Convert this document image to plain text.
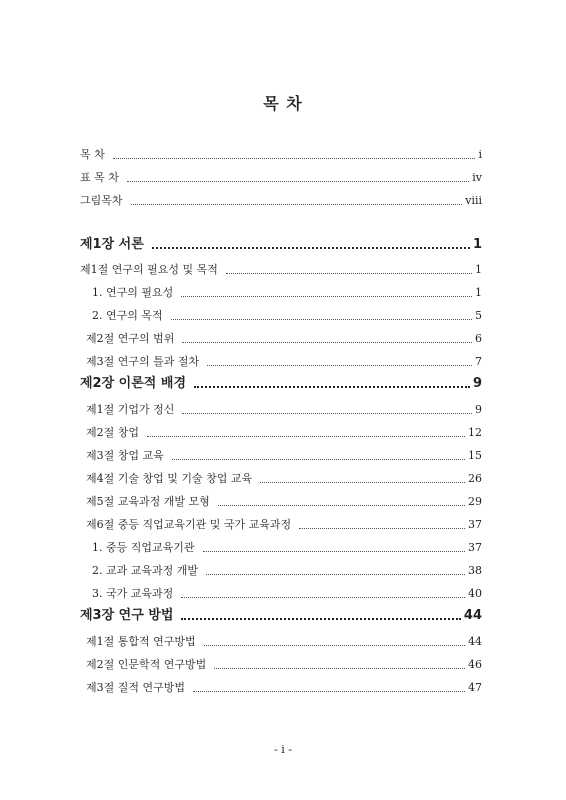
목 차
목 차	i
표 목 차	iv
그림목차	ⅷ
제1장 서론	1
제1절 연구의 필요성 및 목적	1
1. 연구의 필요성	1
2. 연구의 목적	5
제2절 연구의 범위	6
제3절 연구의 틀과 절차	7
제2장 이론적 배경	9
제1절 기업가 정신	9
제2절 창업	12
제3절 창업 교육	15
제4절 기술 창업 및 기술 창업 교육	26
제5절 교육과정 개발 모형	29
제6절 중등 직업교육기관 및 국가 교육과정	37
1. 중등 직업교육기관	37
2. 교과 교육과정 개발	38
3. 국가 교육과정	40
제3장 연구 방법	44
제1절 통합적 연구방법	44
제2절 인문학적 연구방법	46
제3절 질적 연구방법	47
- i -
